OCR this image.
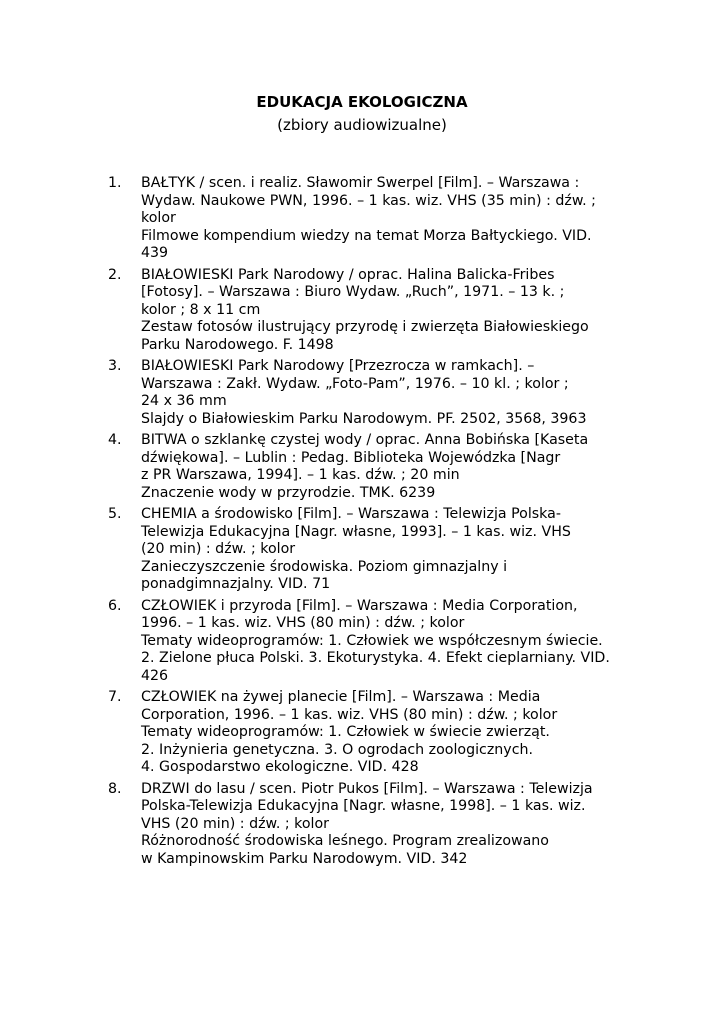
EDUKACJA EKOLOGICZNA
(zbiory audiowizualne)
1.	BAŁTYK / scen. i realiz. Sławomir Swerpel [Film]. – Warszawa :
Wydaw. Naukowe PWN, 1996. – 1 kas. wiz. VHS (35 min) : dźw. ;
kolor
Filmowe kompendium wiedzy na temat Morza Bałtyckiego. VID.
439
2.	BIAŁOWIESKI Park Narodowy / oprac. Halina Balicka-Fribes
[Fotosy]. – Warszawa : Biuro Wydaw. „Ruch”, 1971. – 13 k. ;
kolor ; 8 x 11 cm
Zestaw fotosów ilustrujący przyrodę i zwierzęta Białowieskiego
Parku Narodowego. F. 1498
3.	BIAŁOWIESKI Park Narodowy [Przezrocza w ramkach]. –
Warszawa : Zakł. Wydaw. „Foto-Pam”, 1976. – 10 kl. ; kolor ;
24 x 36 mm
Slajdy o Białowieskim Parku Narodowym. PF. 2502, 3568, 3963
4.	BITWA o szklankę czystej wody / oprac. Anna Bobińska [Kaseta
dźwiękowa]. – Lublin : Pedag. Biblioteka Wojewódzka [Nagr
z PR Warszawa, 1994]. – 1 kas. dźw. ; 20 min
Znaczenie wody w przyrodzie. TMK. 6239
5.	CHEMIA a środowisko [Film]. – Warszawa : Telewizja Polska-
Telewizja Edukacyjna [Nagr. własne, 1993]. – 1 kas. wiz. VHS
(20 min) : dźw. ; kolor
Zanieczyszczenie środowiska. Poziom gimnazjalny i
ponadgimnazjalny. VID. 71
6.	CZŁOWIEK i przyroda [Film]. – Warszawa : Media Corporation,
1996. – 1 kas. wiz. VHS (80 min) : dźw. ; kolor
Tematy wideoprogramów: 1. Człowiek we współczesnym świecie.
2. Zielone płuca Polski. 3. Ekoturystyka. 4. Efekt cieplarniany. VID.
426
7.	CZŁOWIEK na żywej planecie [Film]. – Warszawa : Media
Corporation, 1996. – 1 kas. wiz. VHS (80 min) : dźw. ; kolor
Tematy wideoprogramów: 1. Człowiek w świecie zwierząt.
2. Inżynieria genetyczna. 3. O ogrodach zoologicznych.
4. Gospodarstwo ekologiczne. VID. 428
8.	DRZWI do lasu / scen. Piotr Pukos [Film]. – Warszawa : Telewizja
Polska-Telewizja Edukacyjna [Nagr. własne, 1998]. – 1 kas. wiz.
VHS (20 min) : dźw. ; kolor
Różnorodność środowiska leśnego. Program zrealizowano
w Kampinowskim Parku Narodowym. VID. 342
